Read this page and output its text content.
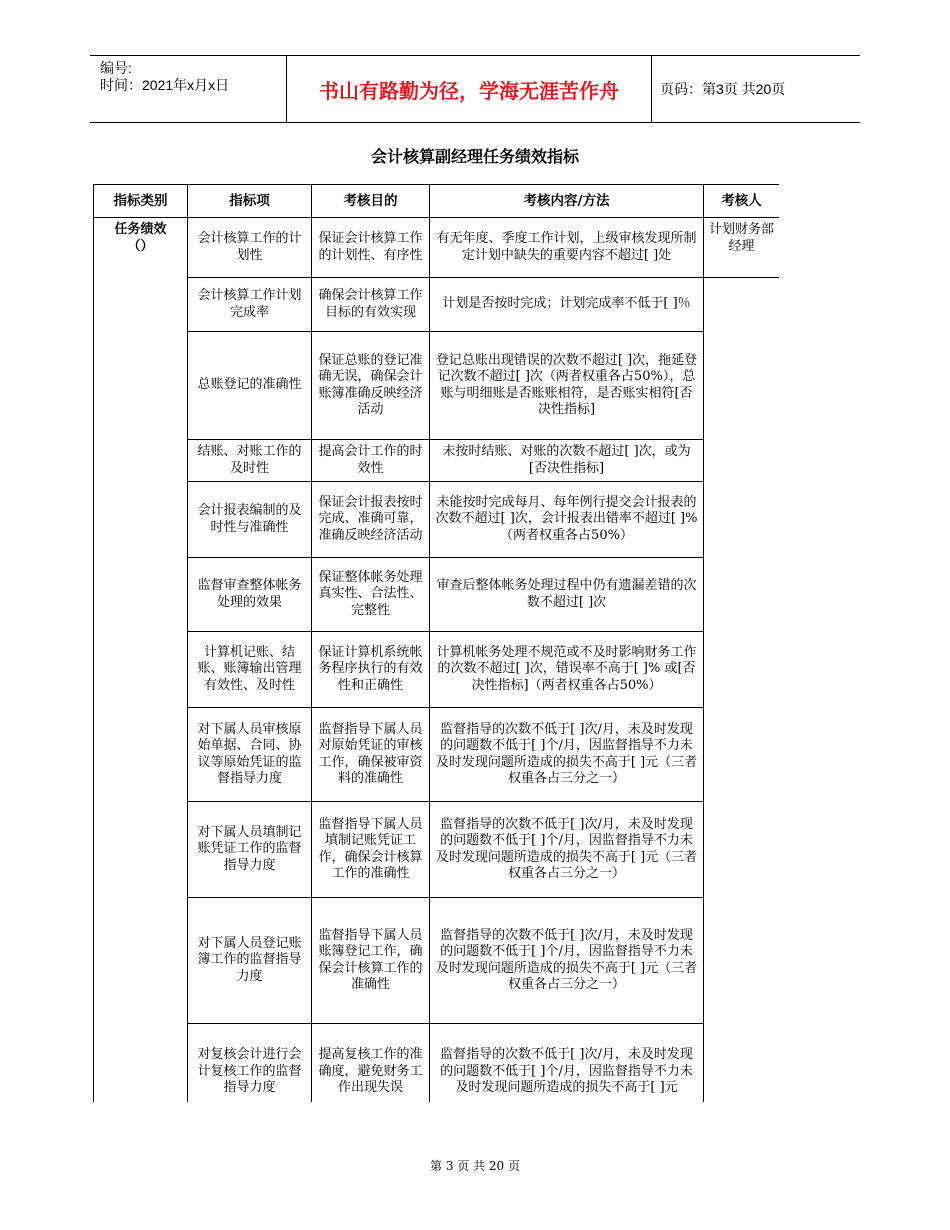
编号:
时间：2021年x月x日	书山有路勤为径，学海无涯苦作舟	页码：第3页 共20页
会计核算副经理任务绩效指标
指标类别	指标项	考核目的	考核内容/方法	考核人
任务绩效
（）	会计核算工作的计划性	保证会计核算工作的计划性、有序性	有无年度、季度工作计划，上级审核发现所制定计划中缺失的重要内容不超过[ ]处	计划财务部经理
	会计核算工作计划完成率	确保会计核算工作目标的有效实现	计划是否按时完成；计划完成率不低于[ ]％	
	总账登记的准确性	保证总账的登记准确无误，确保会计账簿准确反映经济活动	登记总账出现错误的次数不超过[ ]次，拖延登记次数不超过[ ]次（两者权重各占50%），总账与明细账是否账账相符，是否账实相符[否决性指标]	
	结账、对账工作的及时性	提高会计工作的时效性	未按时结账、对账的次数不超过[ ]次，或为[否决性指标]	
	会计报表编制的及时性与准确性	保证会计报表按时完成、准确可靠，准确反映经济活动	未能按时完成每月、每年例行提交会计报表的次数不超过[ ]次，会计报表出错率不超过[ ]% （两者权重各占50%）	
	监督审查整体帐务处理的效果	保证整体帐务处理真实性、合法性、完整性	审查后整体帐务处理过程中仍有遗漏差错的次数不超过[ ]次	
	计算机记账、结账、账簿输出管理有效性、及时性	保证计算机系统帐务程序执行的有效性和正确性	计算机帐务处理不规范或不及时影响财务工作的次数不超过[ ]次，错误率不高于[ ]% 或[否决性指标]（两者权重各占50%）	
	对下属人员审核原始单据、合同、协议等原始凭证的监督指导力度	监督指导下属人员对原始凭证的审核工作，确保被审资料的准确性	监督指导的次数不低于[ ]次/月，未及时发现的问题数不低于[ ]个/月，因监督指导不力未及时发现问题所造成的损失不高于[ ]元（三者权重各占三分之一）	
	对下属人员填制记账凭证工作的监督指导力度	监督指导下属人员填制记账凭证工作，确保会计核算工作的准确性	监督指导的次数不低于[ ]次/月，未及时发现的问题数不低于[ ]个/月，因监督指导不力未及时发现问题所造成的损失不高于[ ]元（三者权重各占三分之一）	
	对下属人员登记账簿工作的监督指导力度	监督指导下属人员账簿登记工作，确保会计核算工作的准确性	监督指导的次数不低于[ ]次/月，未及时发现的问题数不低于[ ]个/月，因监督指导不力未及时发现问题所造成的损失不高于[ ]元（三者权重各占三分之一）	
	对复核会计进行会计复核工作的监督指导力度	提高复核工作的准确度，避免财务工作出现失误	监督指导的次数不低于[ ]次/月，未及时发现的问题数不低于[ ]个/月，因监督指导不力未及时发现问题所造成的损失不高于[ ]元	
第 3 页 共 20 页
